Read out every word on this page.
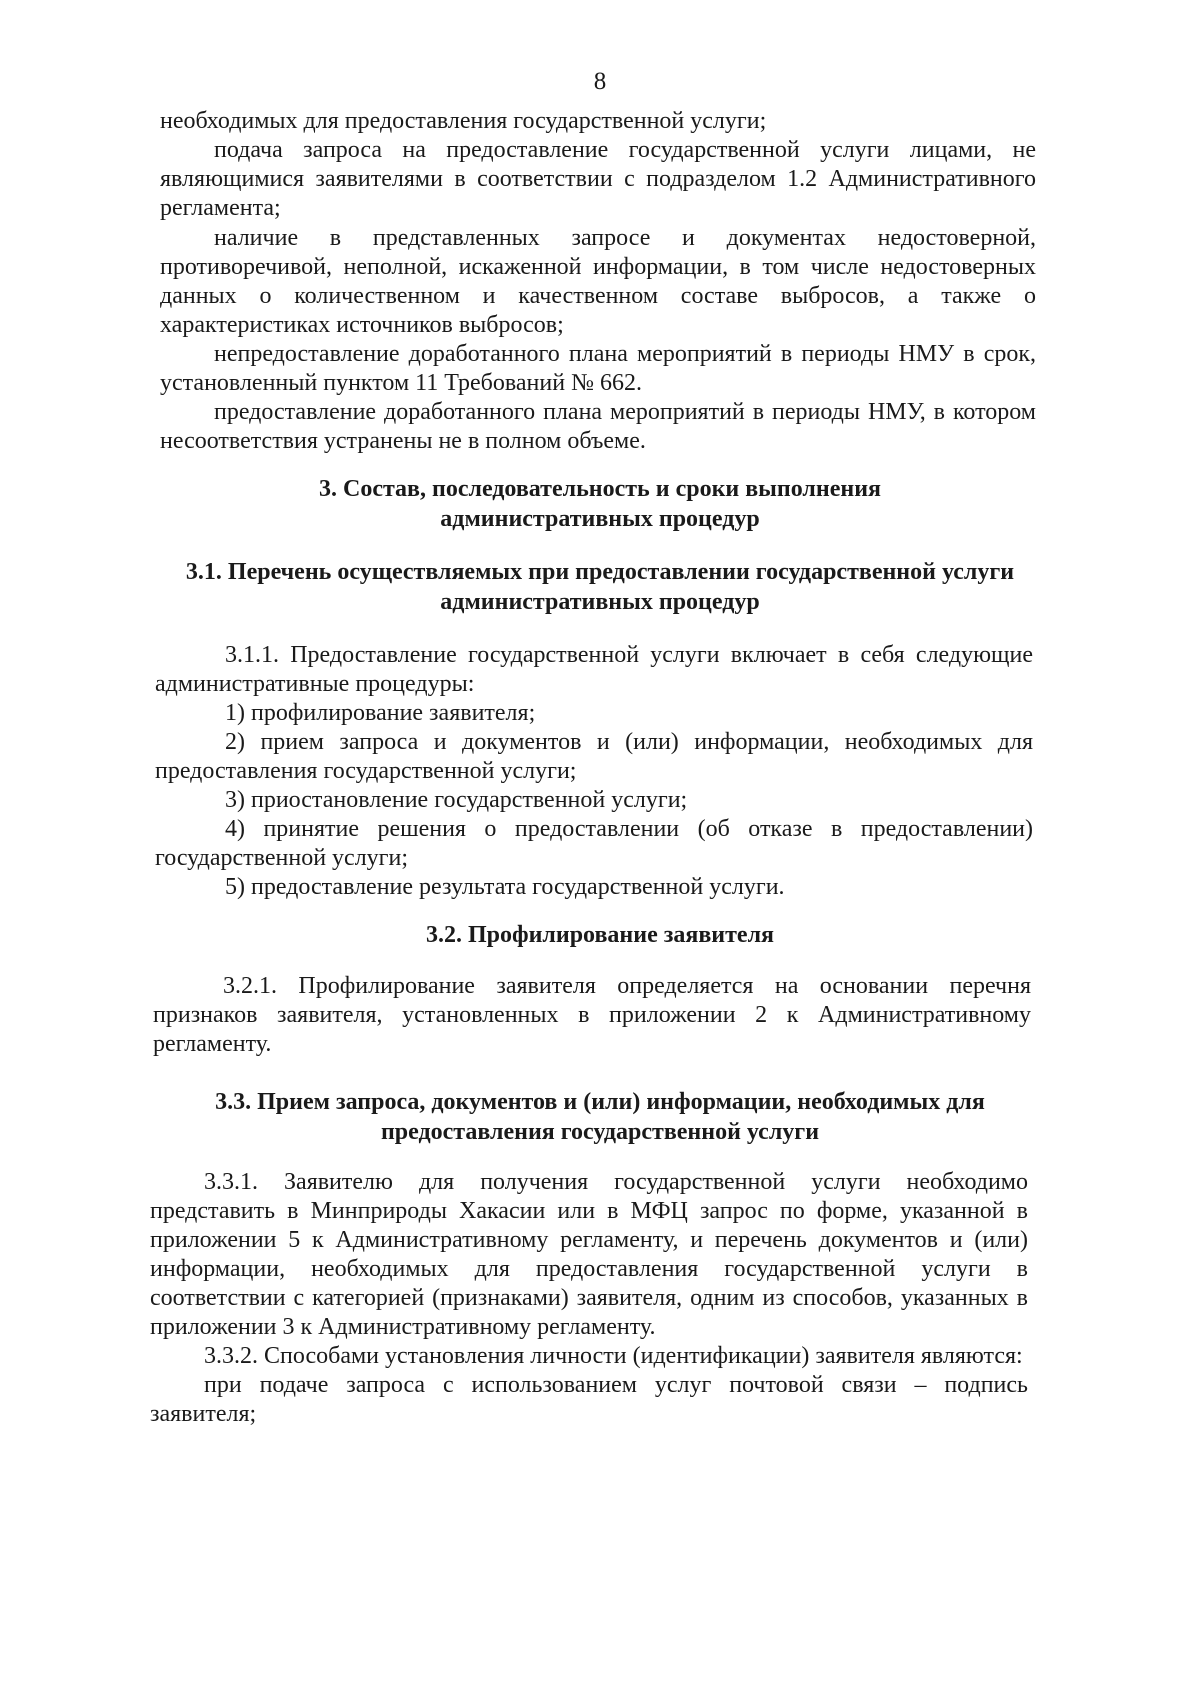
8

необходимых для предоставления государственной услуги;

подача запроса на предоставление государственной услуги лицами, не являющимися заявителями в соответствии с подразделом 1.2 Административного регламента;

наличие в представленных запросе и документах недостоверной, противоречивой, неполной, искаженной информации, в том числе недостоверных данных о количественном и качественном составе выбросов, а также о характеристиках источников выбросов;

непредоставление доработанного плана мероприятий в периоды НМУ в срок, установленный пунктом 11 Требований № 662.

предоставление доработанного плана мероприятий в периоды НМУ, в котором несоответствия устранены не в полном объеме.

3. Состав, последовательность и сроки выполнения
административных процедур
3.1. Перечень осуществляемых при предоставлении государственной услуги
административных процедур

3.1.1. Предоставление государственной услуги включает в себя следующие административные процедуры:

1) профилирование заявителя;

2) прием запроса и документов и (или) информации, необходимых для предоставления государственной услуги;

3) приостановление государственной услуги;

4) принятие решения о предоставлении (об отказе в предоставлении) государственной услуги;

5) предоставление результата государственной услуги.

3.2. Профилирование заявителя

3.2.1. Профилирование заявителя определяется на основании перечня признаков заявителя, установленных в приложении 2 к Административному регламенту.

3.3. Прием запроса, документов и (или) информации, необходимых для
предоставления государственной услуги

3.3.1. Заявителю для получения государственной услуги необходимо представить в Минприроды Хакасии или в МФЦ запрос по форме, указанной в приложении 5 к Административному регламенту, и перечень документов и (или) информации, необходимых для предоставления государственной услуги в соответствии с категорией (признаками) заявителя, одним из способов, указанных в приложении 3 к Административному регламенту.

3.3.2. Способами установления личности (идентификации) заявителя являются:

при подаче запроса с использованием услуг почтовой связи – подпись заявителя;
